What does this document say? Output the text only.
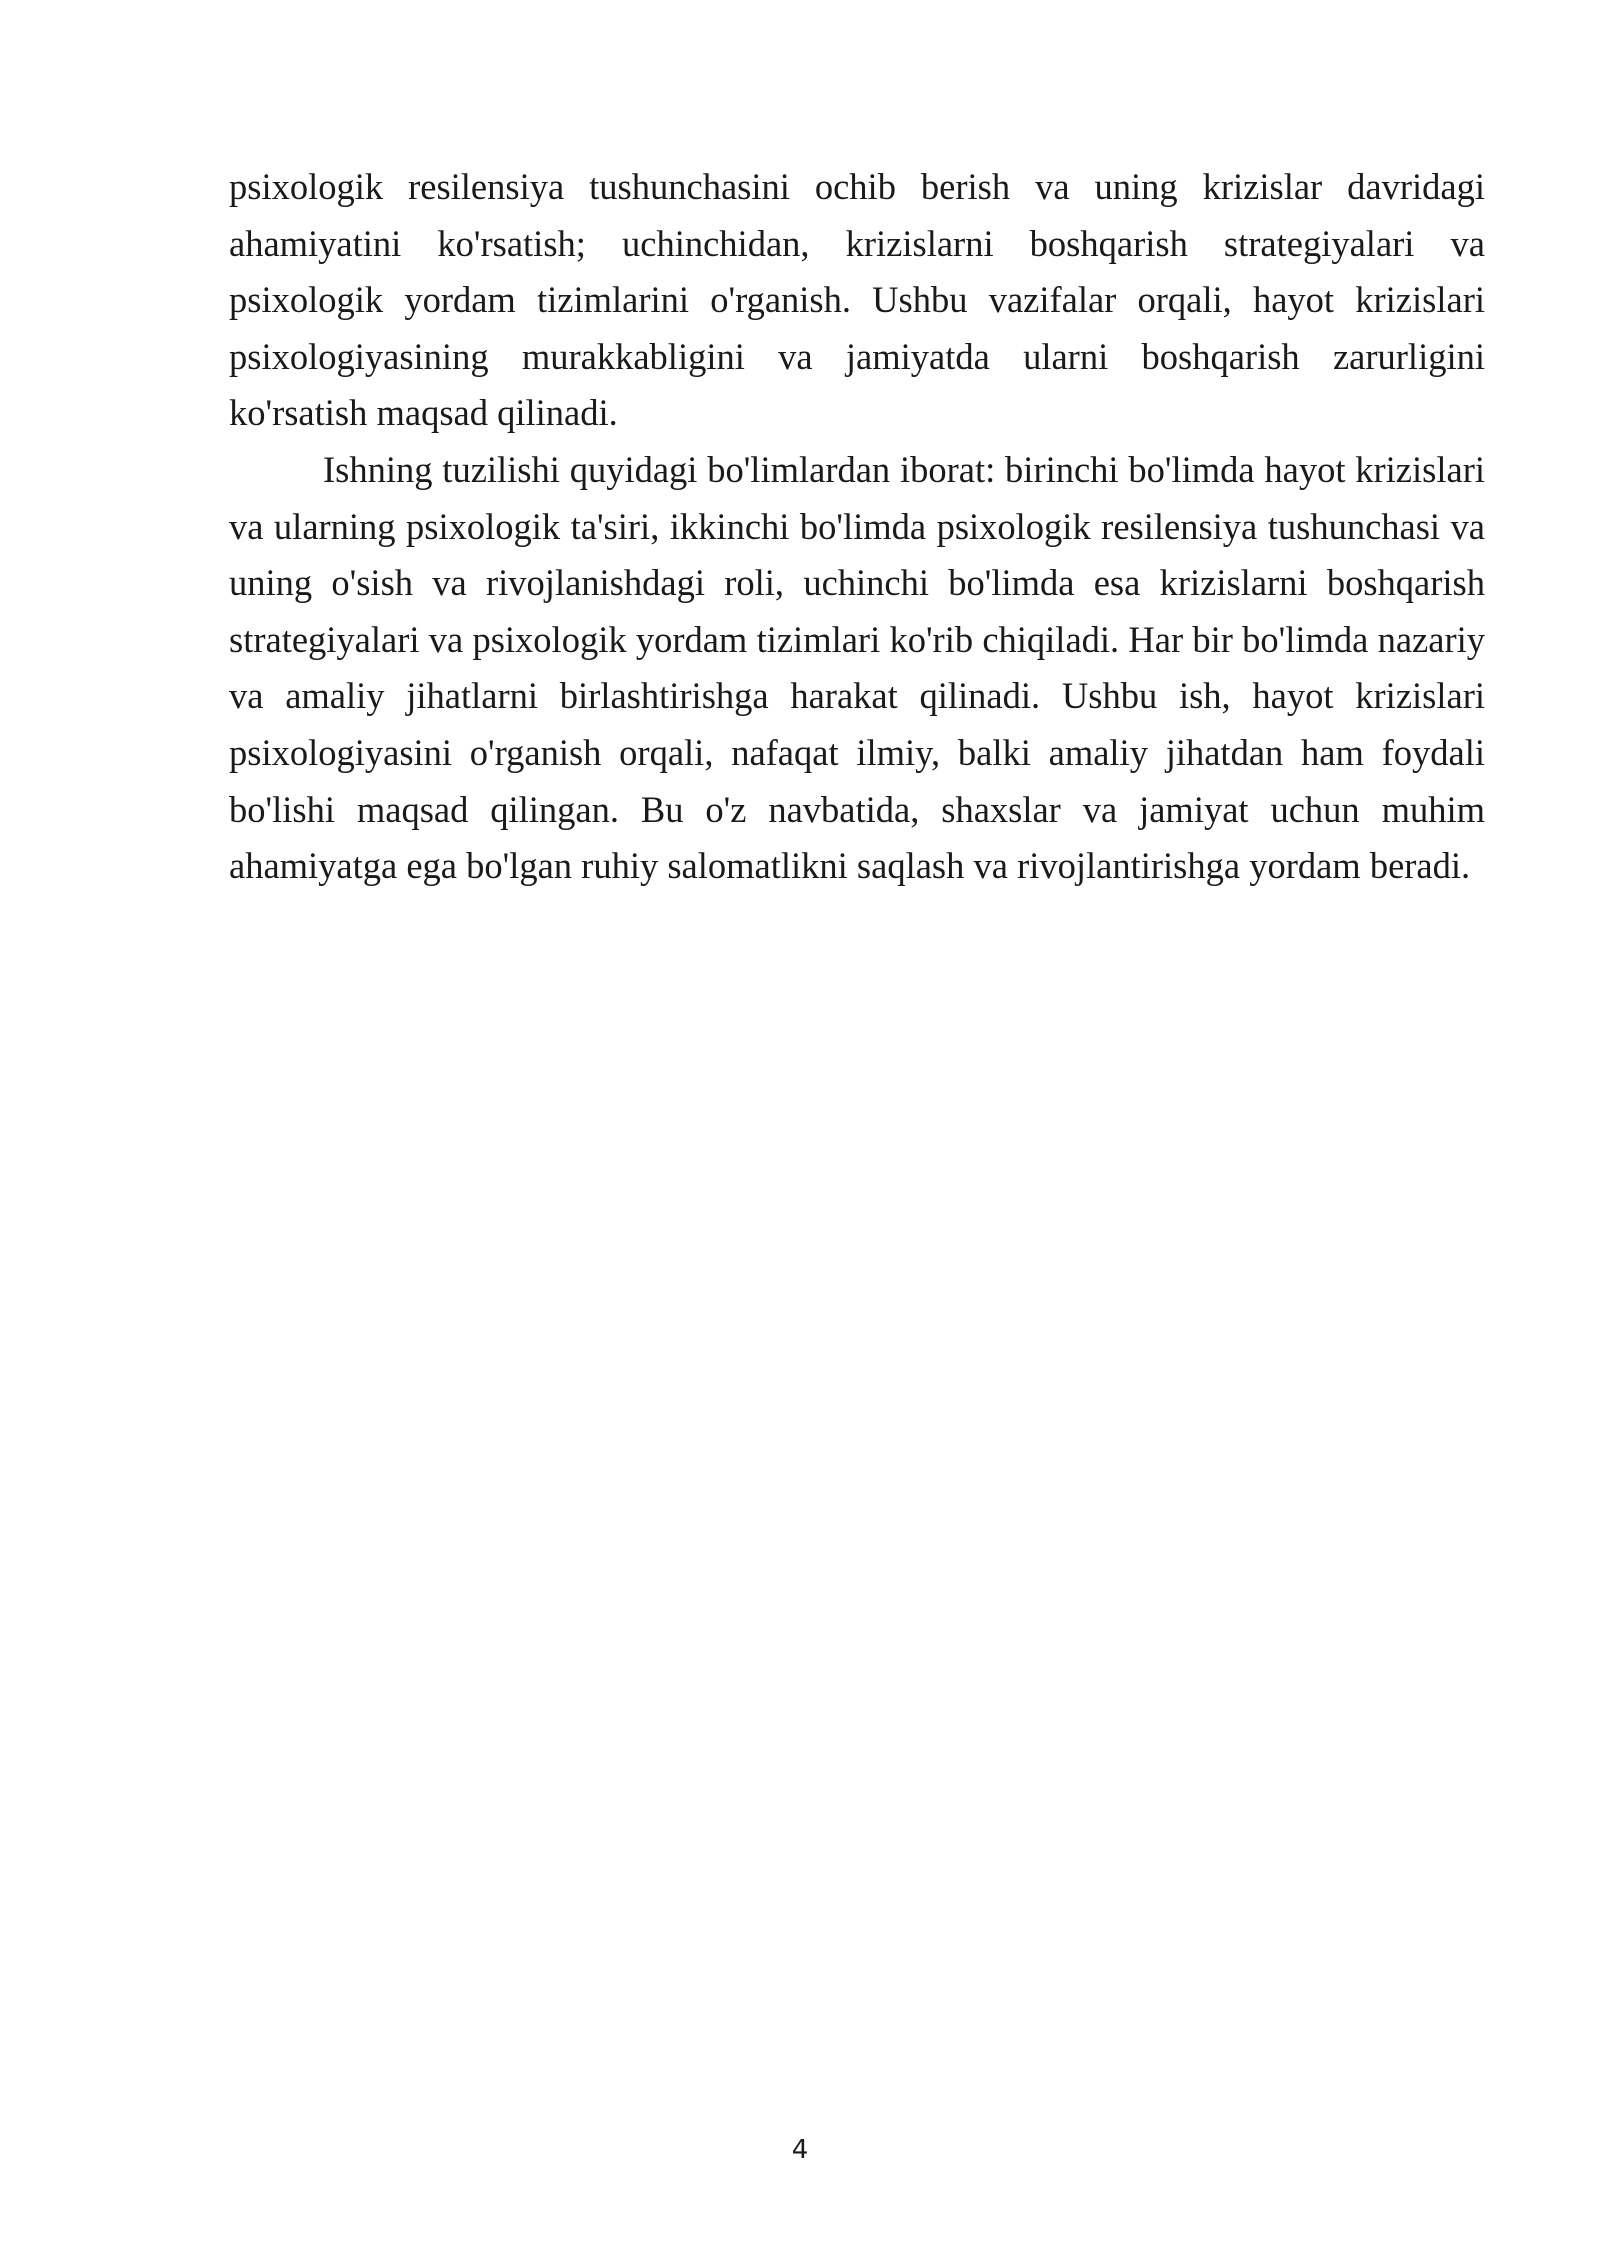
psixologik resilensiya tushunchasini ochib berish va uning krizislar davridagi ahamiyatini ko'rsatish; uchinchidan, krizislarni boshqarish strategiyalari va psixologik yordam tizimlarini o'rganish. Ushbu vazifalar orqali, hayot krizislari psixologiyasining murakkabligini va jamiyatda ularni boshqarish zarurligini ko'rsatish maqsad qilinadi.

Ishning tuzilishi quyidagi bo'limlardan iborat: birinchi bo'limda hayot krizislari va ularning psixologik ta'siri, ikkinchi bo'limda psixologik resilensiya tushunchasi va uning o'sish va rivojlanishdagi roli, uchinchi bo'limda esa krizislarni boshqarish strategiyalari va psixologik yordam tizimlari ko'rib chiqiladi. Har bir bo'limda nazariy va amaliy jihatlarni birlashtirishga harakat qilinadi. Ushbu ish, hayot krizislari psixologiyasini o'rganish orqali, nafaqat ilmiy, balki amaliy jihatdan ham foydali bo'lishi maqsad qilingan. Bu o'z navbatida, shaxslar va jamiyat uchun muhim ahamiyatga ega bo'lgan ruhiy salomatlikni saqlash va rivojlantirishga yordam beradi.

4
